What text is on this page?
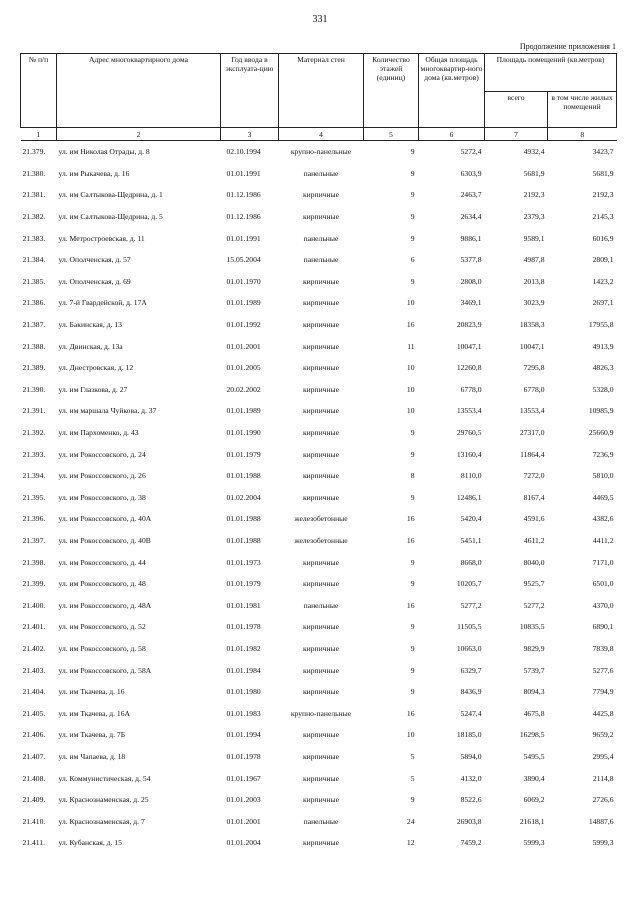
331
Продолжение приложения 1
№ п/п	Адрес многоквартирного дома	Год ввода в эксплуата-цию	Материал стен	Количество этажей (единиц)	Общая площадь многоквартир-ного дома (кв.метров)	Площадь помещений (кв.метров)	
						всего	в том числе жилых помещений
1	2	3	4	5	6	7	8
21.379.	ул. им Николая Отрады, д. 8	02.10.1994	крупно-панельные	9	5272,4	4932,4	3423,7
21.380.	ул. им Рыкачева, д. 16	01.01.1991	панельные	9	6303,9	5681,9	5681,9
21.381.	ул. им Салтыкова-Щедрина, д. 1	01.12.1986	кирпичные	9	2463,7	2192,3	2192,3
21.382.	ул. им Салтыкова-Щедрина, д. 5	01.12.1986	кирпичные	9	2634,4	2379,3	2145,3
21.383.	ул. Метростроевская, д. 11	01.01.1991	панельные	9	9886,1	9589,1	6016,9
21.384.	ул. Ополченская, д. 57	15.05.2004	панельные	6	5377,8	4987,8	2809,1
21.385.	ул. Ополченская, д. 69	01.01.1970	кирпичные	9	2808,0	2013,8	1423,2
21.386.	ул. 7-й Гвардейской, д. 17А	01.01.1989	кирпичные	10	3469,1	3023,9	2697,1
21.387.	ул. Бакинская, д. 13	01.01.1992	кирпичные	16	20823,9	18358,3	17955,8
21.388.	ул. Двинская, д. 13а	01.01.2001	кирпичные	11	10047,1	10047,1	4913,9
21.389.	ул. Днестровская, д. 12	01.01.2005	кирпичные	10	12260,8	7295,8	4826,3
21.390.	ул. им Глазкова, д. 27	20.02.2002	кирпичные	10	6778,0	6778,0	5328,0
21.391.	ул. им маршала Чуйкова, д. 37	01.01.1989	кирпичные	10	13553,4	13553,4	10985,9
21.392.	ул. им Пархоменко, д. 43	01.01.1990	кирпичные	9	29760,5	27317,0	25660,9
21.393.	ул. им Рокоссовского, д. 24	01.01.1979	кирпичные	9	13160,4	11864,4	7236,9
21.394.	ул. им Рокоссовского, д. 26	01.01.1988	кирпичные	8	8110,0	7272,0	5810,0
21.395.	ул. им Рокоссовского, д. 38	01.02.2004	кирпичные	9	12486,1	8167,4	4469,5
21.396.	ул. им Рокоссовского, д. 40А	01.01.1988	железобетонные	16	5420,4	4591,6	4382,6
21.397.	ул. им Рокоссовского, д. 40В	01.01.1988	железобетонные	16	5451,1	4611,2	4411,2
21.398.	ул. им Рокоссовского, д. 44	01.01.1973	кирпичные	9	8668,0	8040,0	7171,0
21.399.	ул. им Рокоссовского, д. 48	01.01.1979	кирпичные	9	10205,7	9525,7	6501,0
21.400.	ул. им Рокоссовского, д. 48А	01.01.1981	панельные	16	5277,2	5277,2	4370,0
21.401.	ул. им Рокоссовского, д. 52	01.01.1978	кирпичные	9	11505,5	10835,5	6890,1
21.402.	ул. им Рокоссовского, д. 58	01.01.1982	кирпичные	9	10663,0	9829,9	7839,8
21.403.	ул. им Рокоссовского, д. 58А	01.01.1984	кирпичные	9	6329,7	5739,7	5277,6
21.404.	ул. им Ткачева, д. 16	01.01.1980	кирпичные	9	8436,9	8094,3	7794,9
21.405.	ул. им Ткачева, д. 16А	01.01.1983	крупно-панельные	16	5247,4	4675,8	4425,8
21.406.	ул. им Ткачева, д. 7Б	01.01.1994	кирпичные	10	18185,0	16298,5	9659,2
21.407.	ул. им Чапаева, д. 18	01.01.1978	кирпичные	5	5894,0	5495,5	2995,4
21.408.	ул. Коммунистическая, д. 54	01.01.1967	кирпичные	5	4132,0	3890,4	2114,8
21.409.	ул. Краснознаменская, д. 25	01.01.2003	кирпичные	9	8522,6	6069,2	2726,6
21.410.	ул. Краснознаменская, д. 7	01.01.2001	панельные	24	26903,8	21618,1	14887,6
21.411.	ул. Кубанская, д. 15	01.01.2004	кирпичные	12	7459,2	5999,3	5999,3
